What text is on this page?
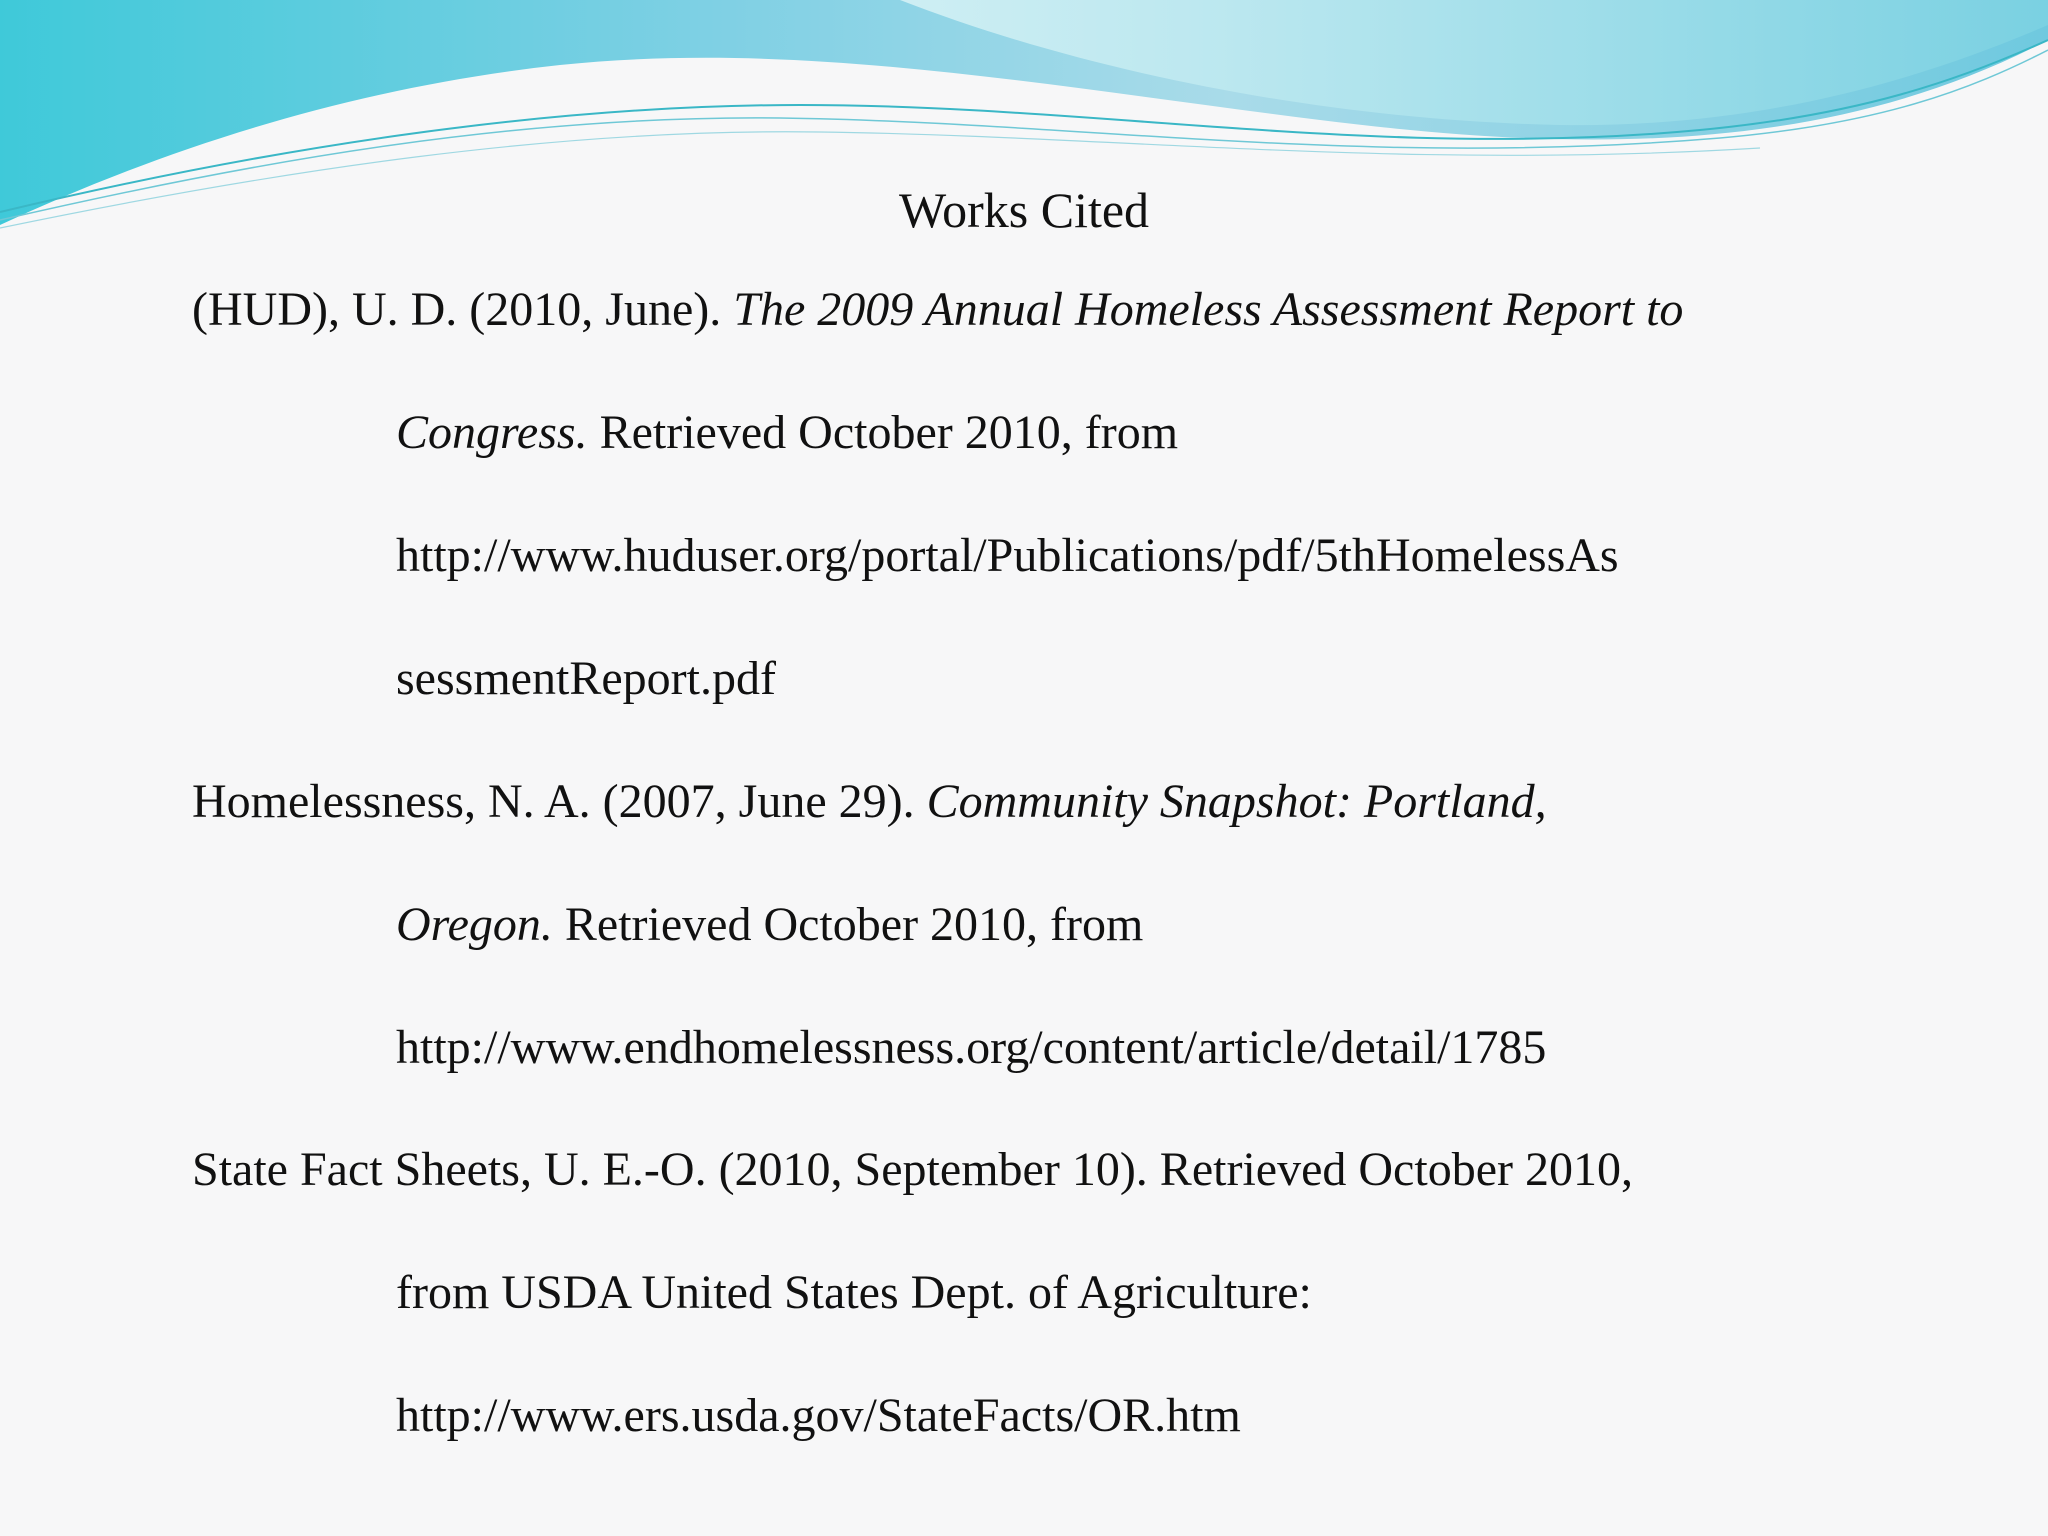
Works Cited
(HUD), U. D. (2010, June). The 2009 Annual Homeless Assessment Report to
Congress. Retrieved October 2010, from
http://www.huduser.org/portal/Publications/pdf/5thHomelessAs
sessmentReport.pdf
Homelessness, N. A. (2007, June 29). Community Snapshot: Portland,
Oregon. Retrieved October 2010, from
http://www.endhomelessness.org/content/article/detail/1785
State Fact Sheets, U. E.-O. (2010, September 10). Retrieved October 2010,
from USDA United States Dept. of Agriculture:
http://www.ers.usda.gov/StateFacts/OR.htm
